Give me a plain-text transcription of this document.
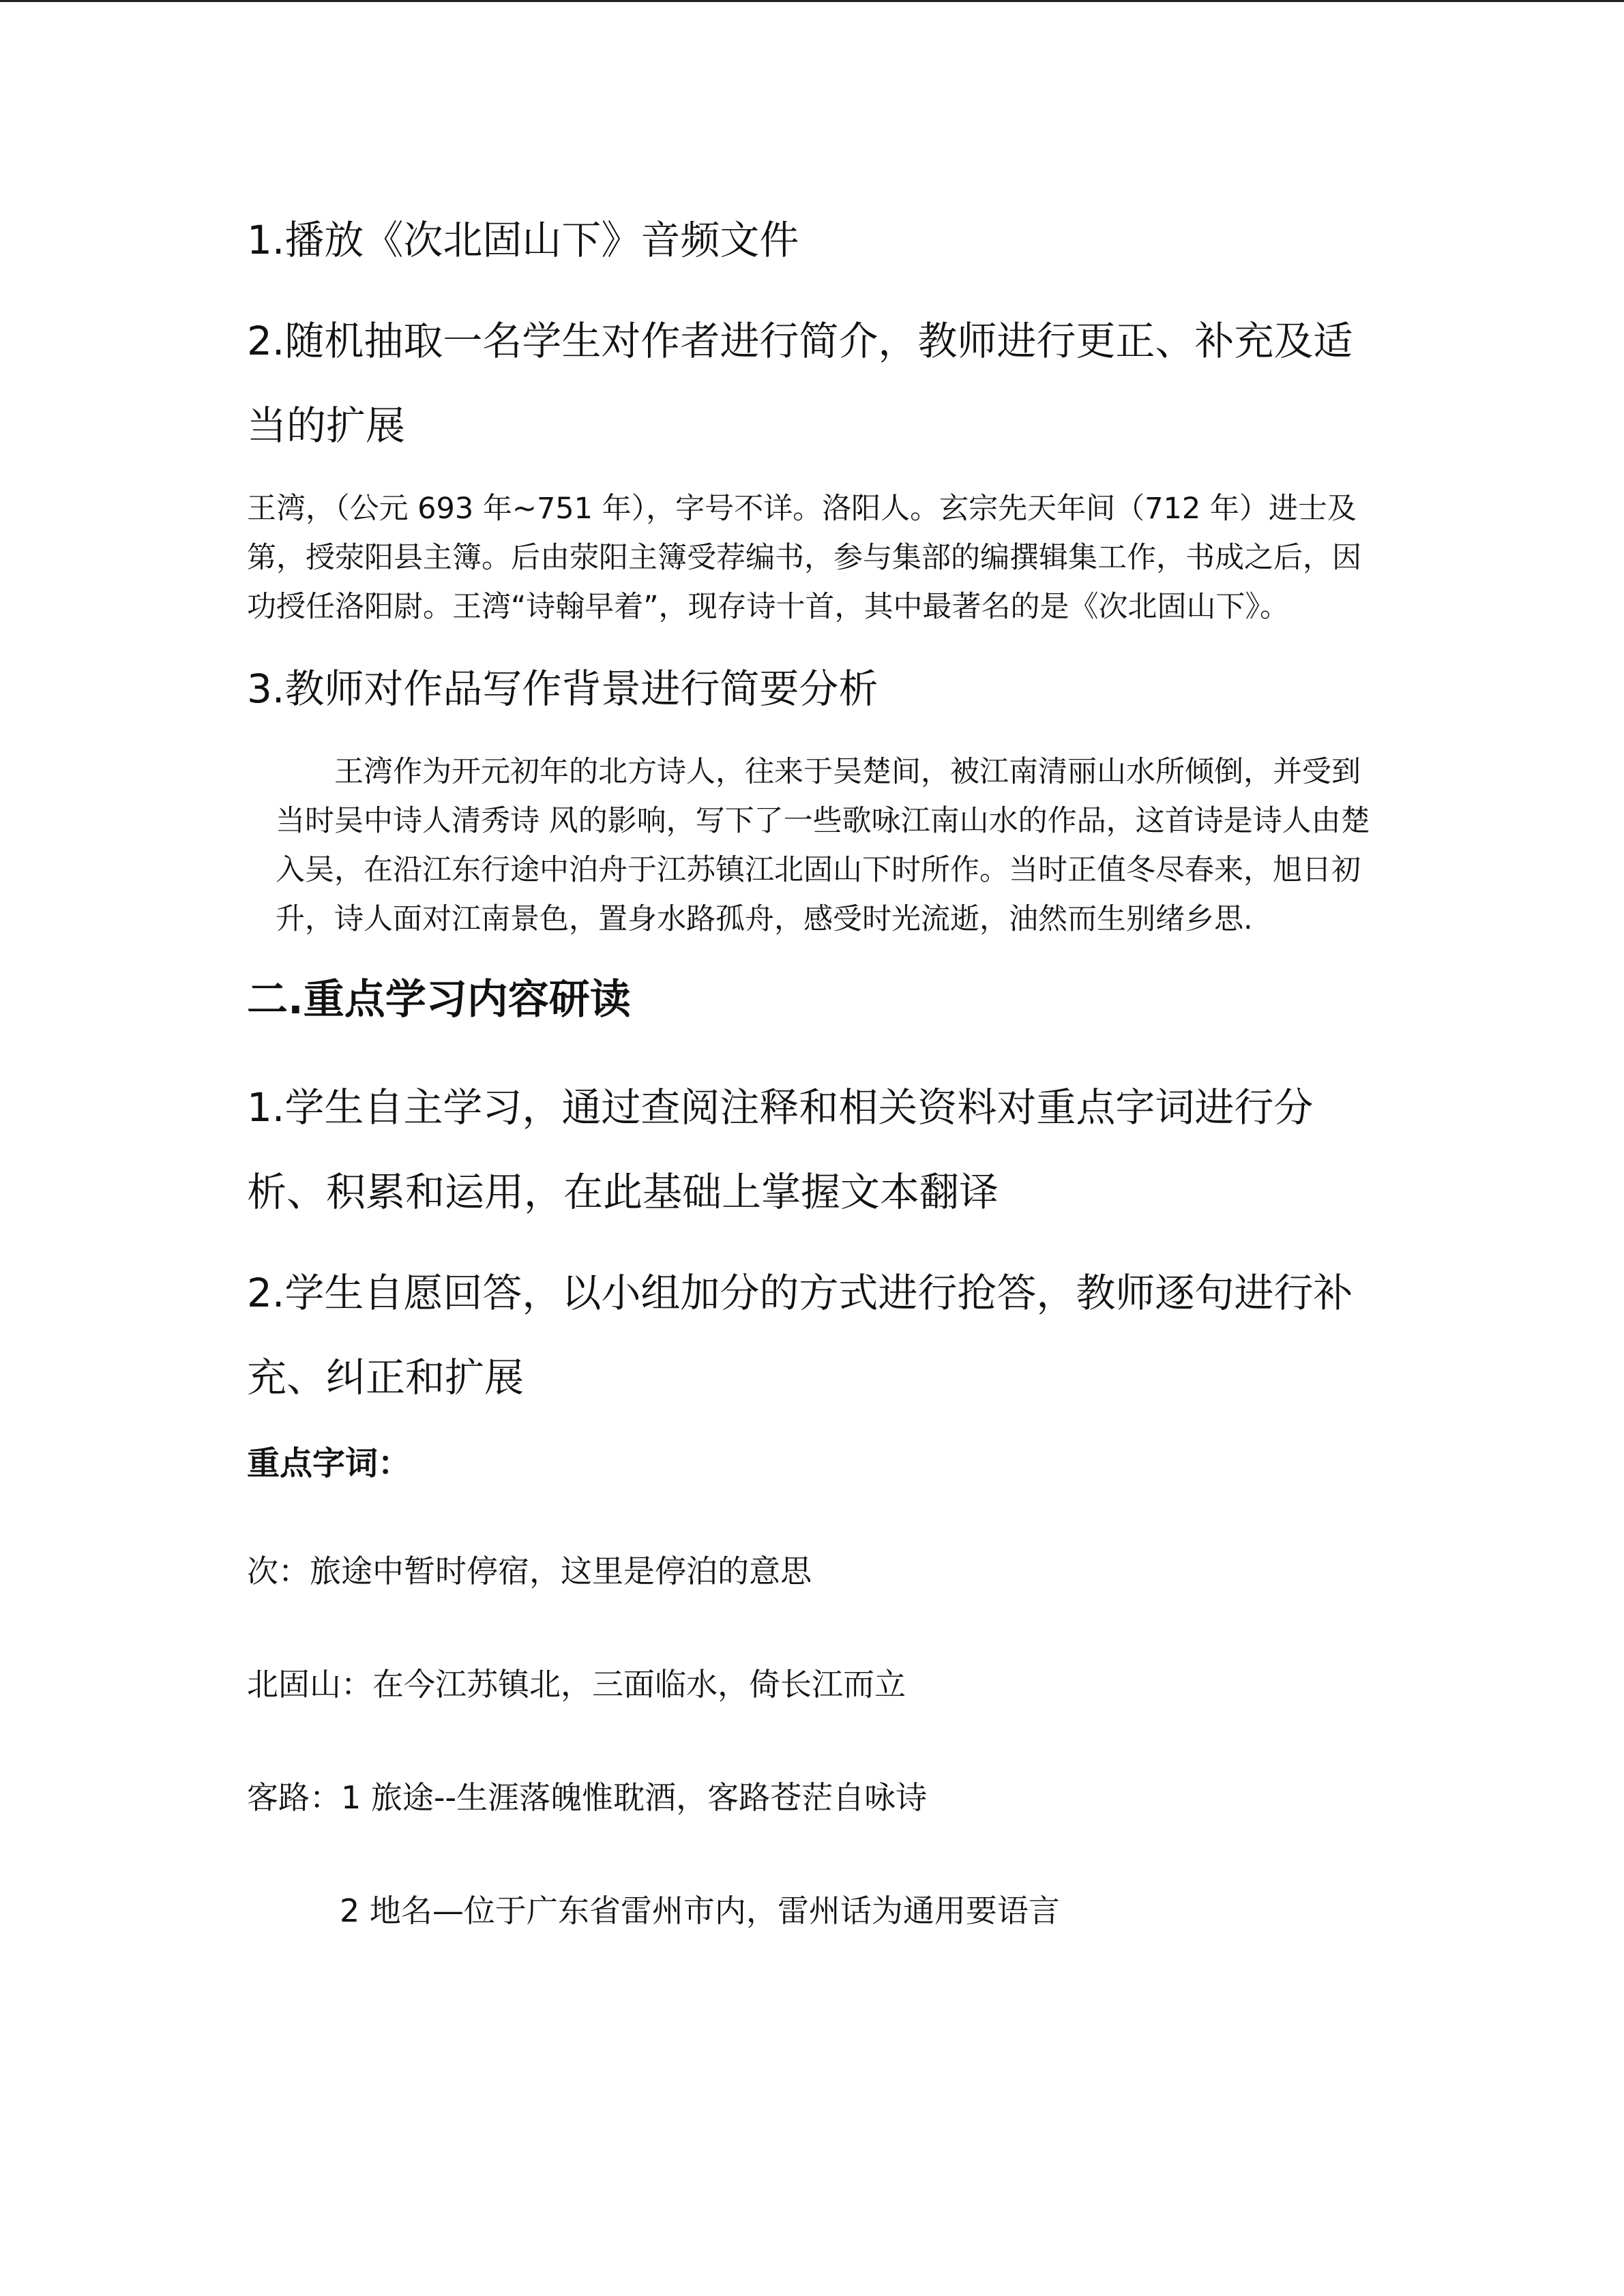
1.播放《次北固山下》音频文件

2.随机抽取一名学生对作者进行简介，教师进行更正、补充及适当的扩展

王湾，（公元 693 年~751 年），字号不详。洛阳人。玄宗先天年间（712 年）进士及第，授荥阳县主簿。后由荥阳主簿受荐编书，参与集部的编撰辑集工作，书成之后，因功授任洛阳尉。王湾“诗翰早着”，现存诗十首，其中最著名的是《次北固山下》。

3.教师对作品写作背景进行简要分析

王湾作为开元初年的北方诗人，往来于吴楚间，被江南清丽山水所倾倒，并受到当时吴中诗人清秀诗 风的影响，写下了一些歌咏江南山水的作品，这首诗是诗人由楚入吴，在沿江东行途中泊舟于江苏镇江北固山下时所作。当时正值冬尽春来，旭日初升，诗人面对江南景色，置身水路孤舟，感受时光流逝，油然而生别绪乡思.

二.重点学习内容研读

1.学生自主学习，通过查阅注释和相关资料对重点字词进行分析、积累和运用，在此基础上掌握文本翻译

2.学生自愿回答，以小组加分的方式进行抢答，教师逐句进行补充、纠正和扩展

重点字词：

次：旅途中暂时停宿，这里是停泊的意思

北固山：在今江苏镇北，三面临水，倚长江而立

客路：1 旅途--生涯落魄惟耽酒，客路苍茫自咏诗

2 地名—位于广东省雷州市内，雷州话为通用要语言
